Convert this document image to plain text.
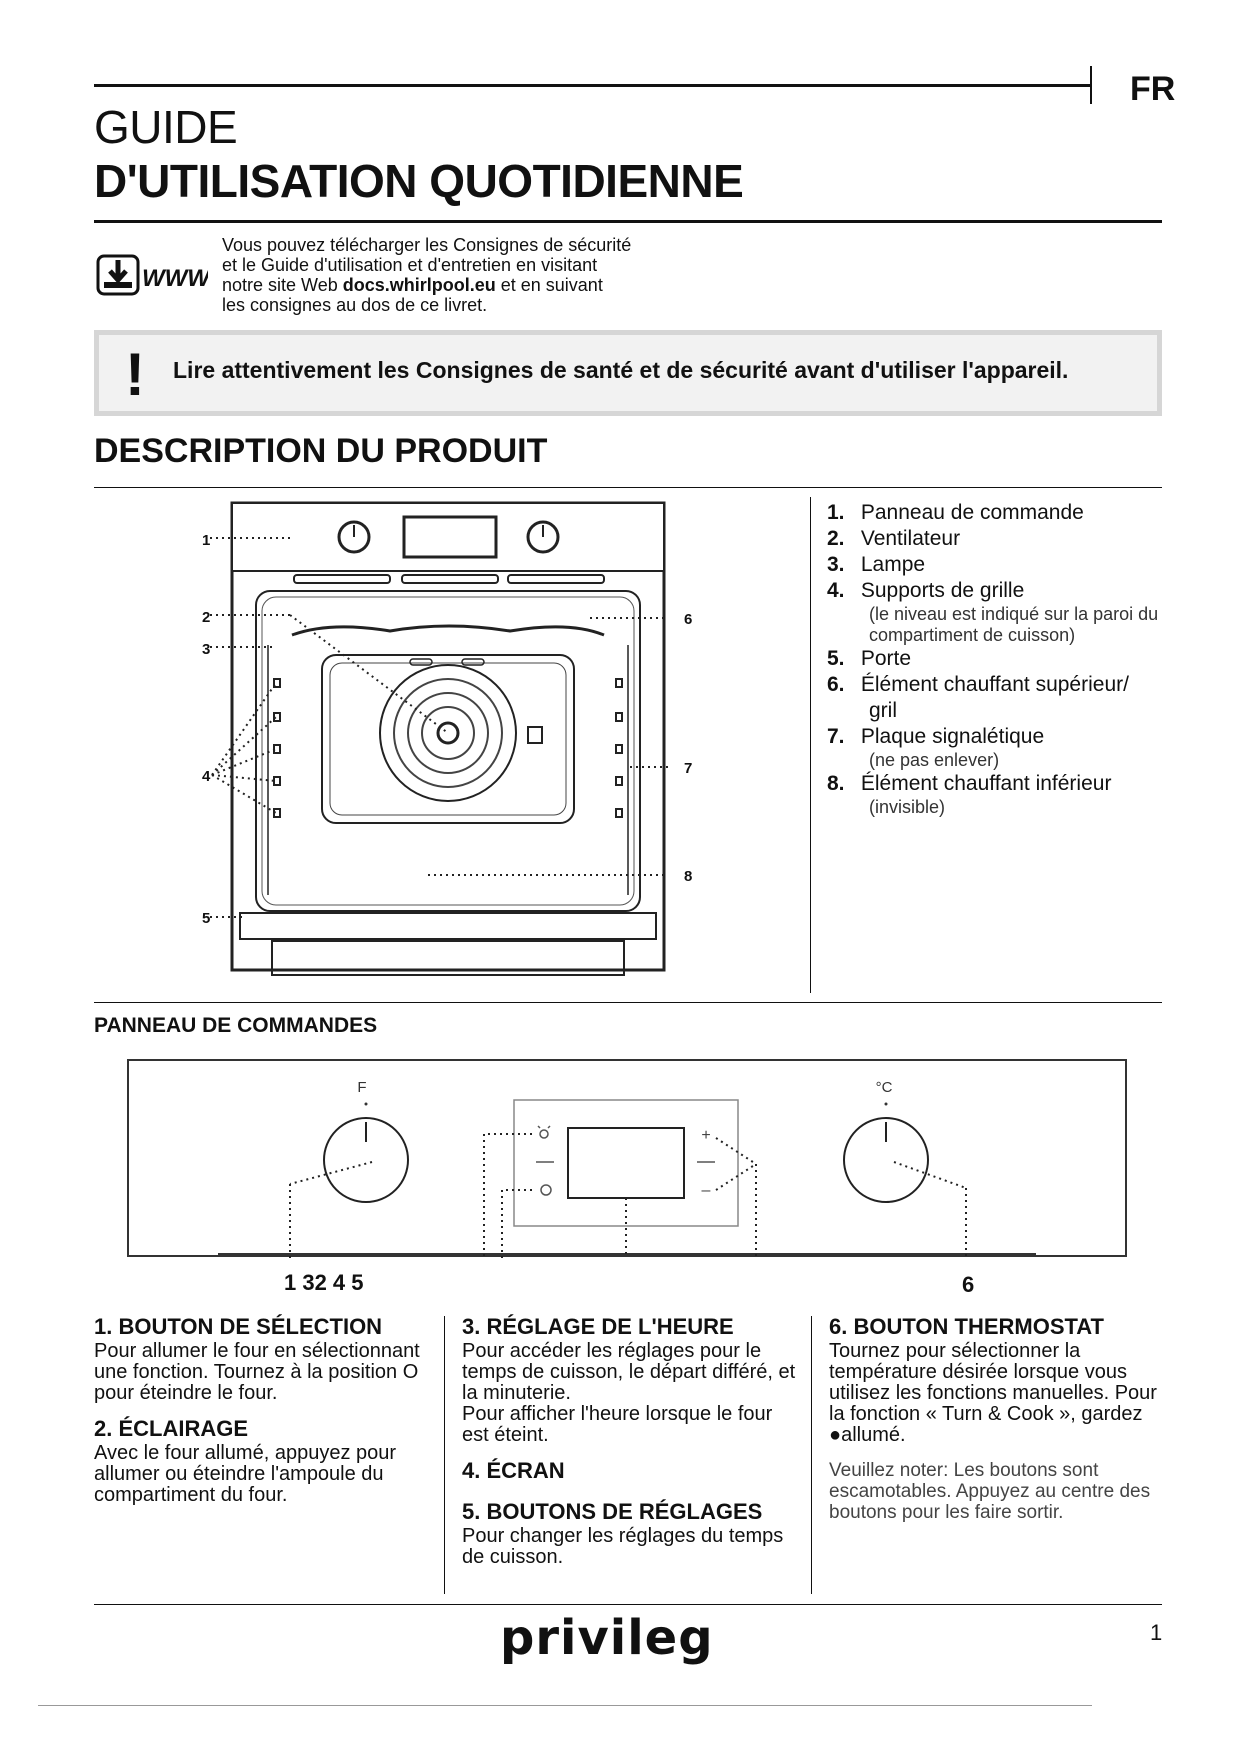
FR
GUIDE
D'UTILISATION QUOTIDIENNE
WWW
Vous pouvez télécharger les Consignes de sécurité
et le Guide d'utilisation et d'entretien en visitant
notre site Web docs.whirlpool.eu et en suivant
les consignes au dos de ce livret.
! Lire attentivement les Consignes de santé et de sécurité avant d'utiliser l'appareil.
DESCRIPTION DU PRODUIT
1
2
3
4
5
6
7
8
1. Panneau de commande
2. Ventilateur
3. Lampe
4. Supports de grille
(le niveau est indiqué sur la paroi du compartiment de cuisson)
5. Porte
6. Élément chauffant supérieur/
gril
7. Plaque signalétique
(ne pas enlever)
8. Élément chauffant inférieur
(invisible)
PANNEAU DE COMMANDES
F	°C
+
–
1 32 4 5	6
1. BOUTON DE SÉLECTION

Pour allumer le four en sélectionnant une fonction. Tournez à la position O pour éteindre le four.

2. ÉCLAIRAGE

Avec le four allumé, appuyez pour allumer ou éteindre l'ampoule du compartiment du four.

3. RÉGLAGE DE L'HEURE

Pour accéder les réglages pour le temps de cuisson, le départ différé, et la minuterie.

Pour afficher l'heure lorsque le four est éteint.

4. ÉCRAN
5. BOUTONS DE RÉGLAGES

Pour changer les réglages du temps de cuisson.

6. BOUTON THERMOSTAT

Tournez pour sélectionner la température désirée lorsque vous utilisez les fonctions manuelles. Pour la fonction « Turn & Cook », gardez ●allumé.

Veuillez noter: Les boutons sont escamotables. Appuyez au centre des boutons pour les faire sortir.

privileg	1
